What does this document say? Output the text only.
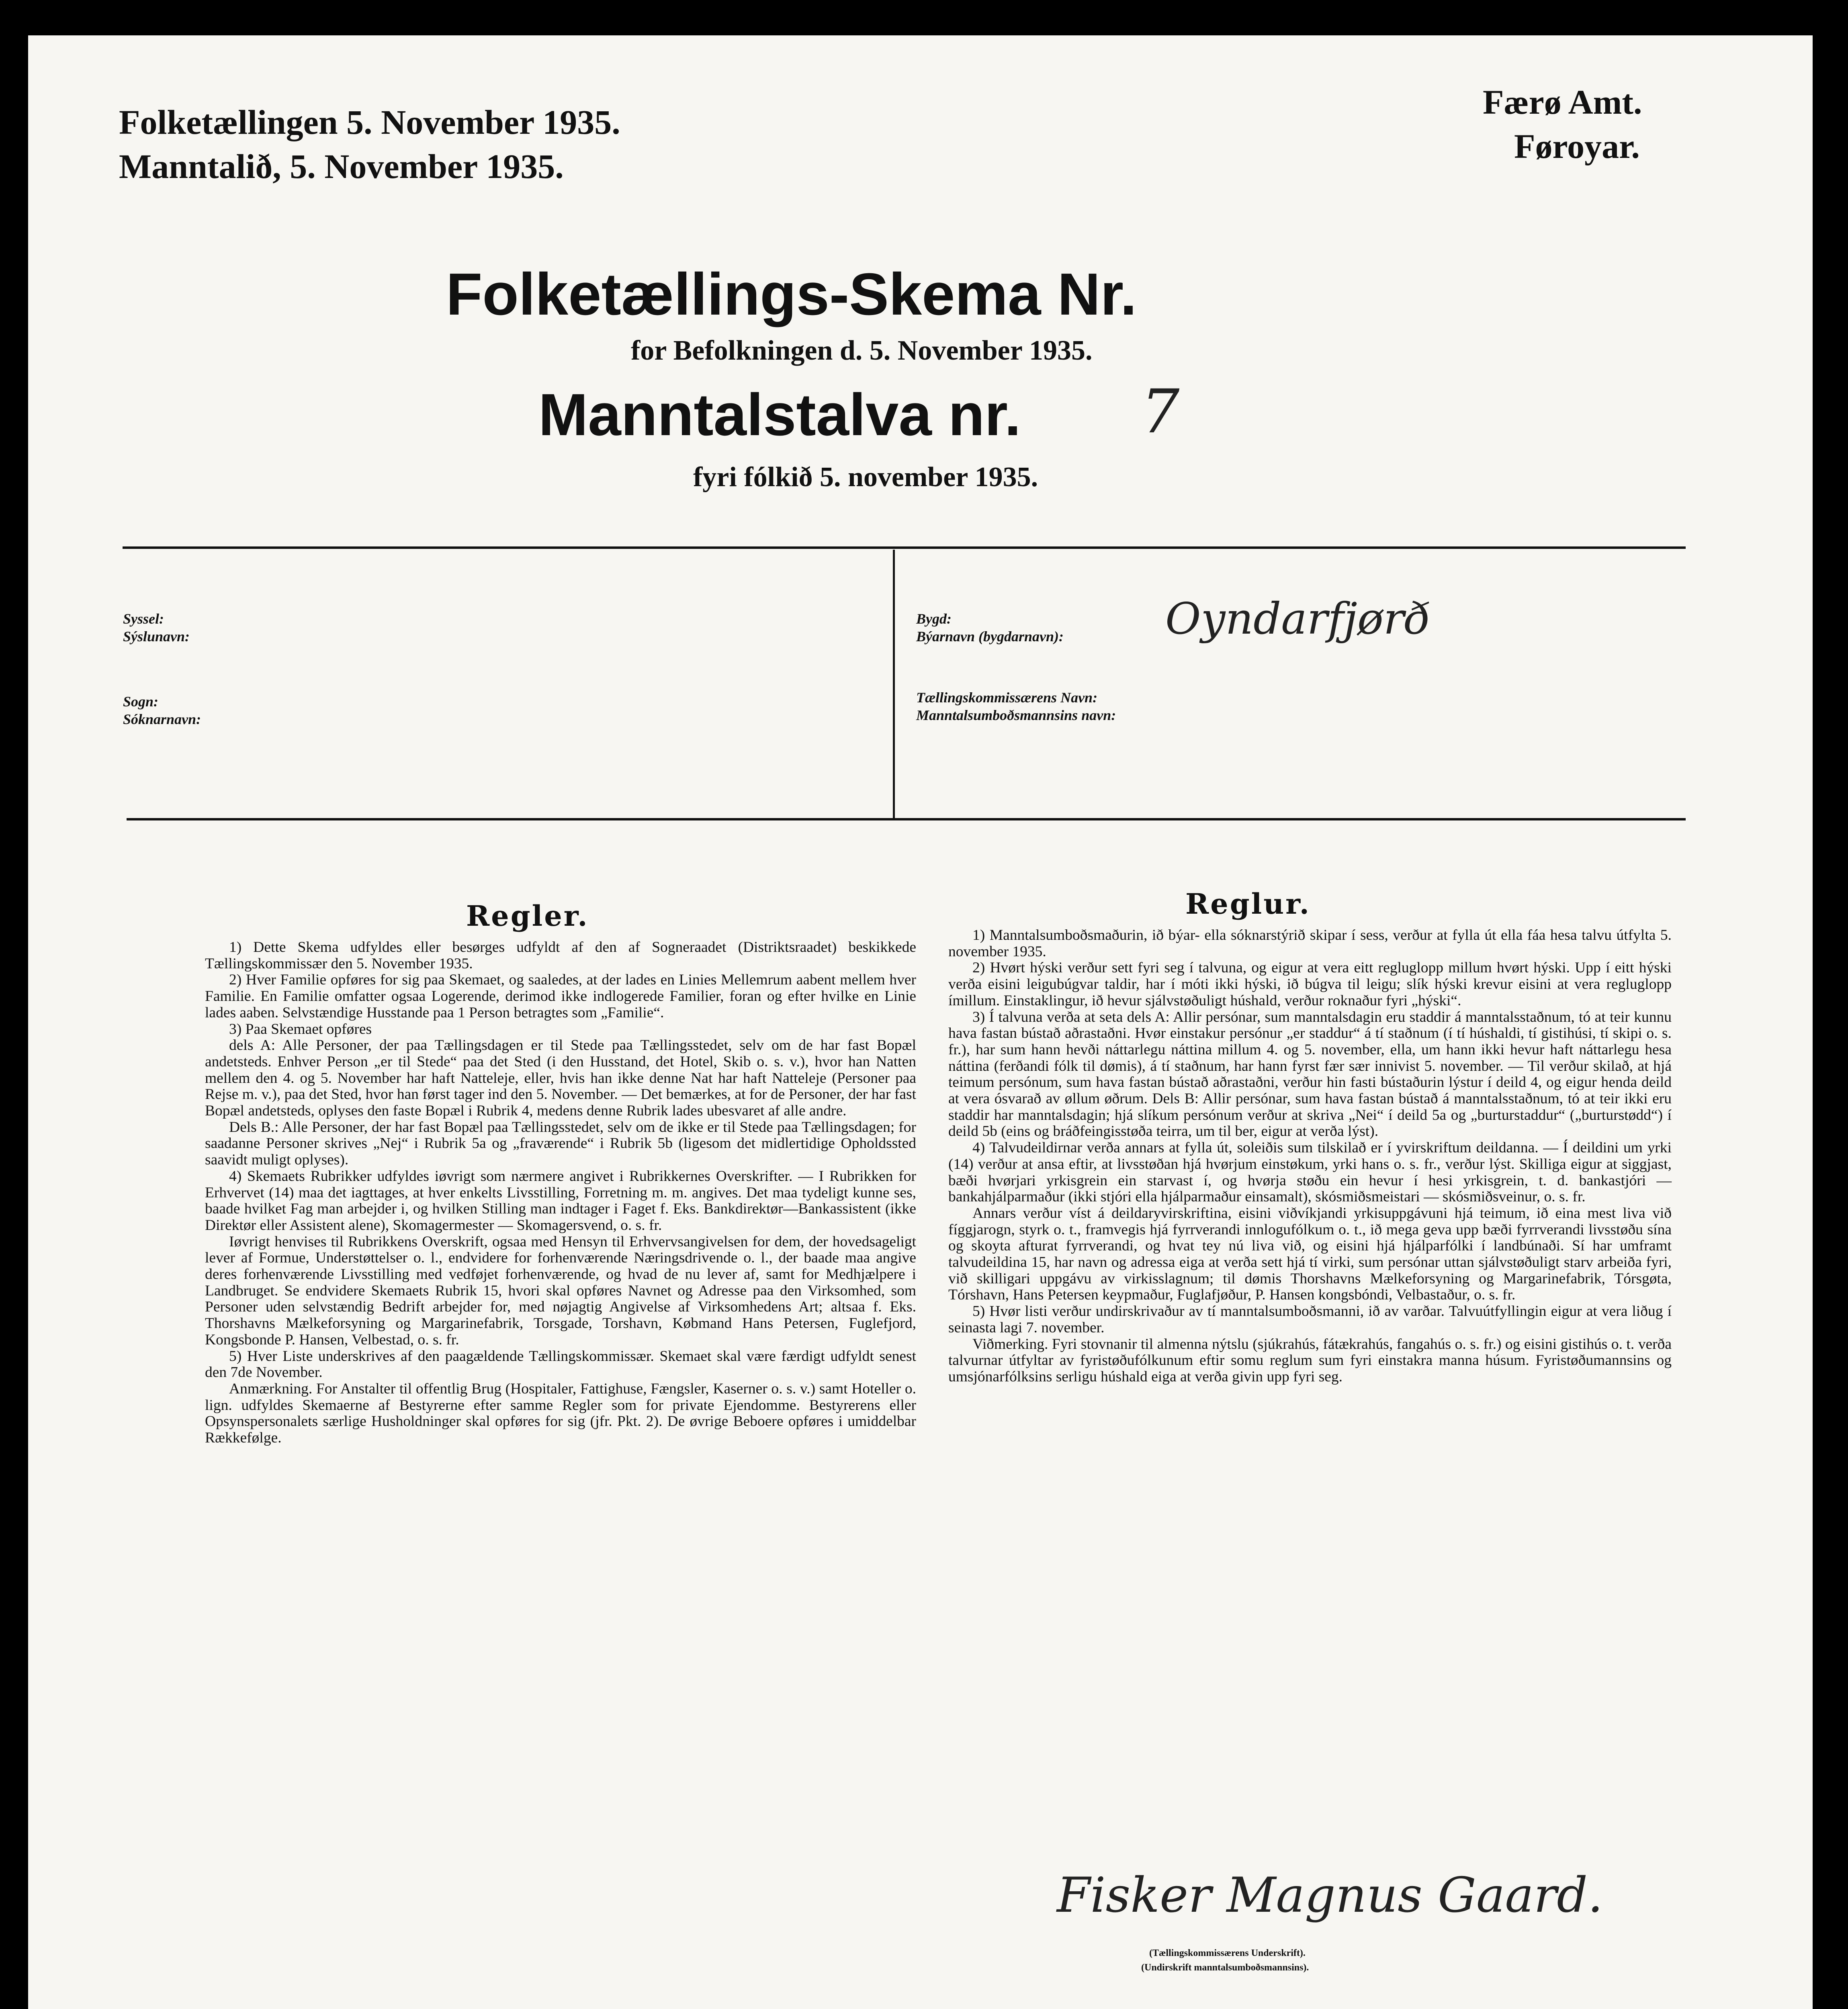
Folketællingen 5. November 1935.
Manntalið, 5. November 1935.
Færø Amt.
Føroyar.
Folketællings-Skema Nr.
for Befolkningen d. 5. November 1935.
Manntalstalva nr. 7
fyri fólkið 5. november 1935.
Syssel:
Sýslunavn:
Sogn:
Sóknarnavn:
Bygd:
Býarnavn (bygdarnavn): Oyndarfjørð
Tællingskommissærens Navn:
Manntalsumboðsmannsins navn:
Regler.	Reglur.

1) Dette Skema udfyldes eller besørges udfyldt af den af Sogneraadet (Distriktsraadet) beskikkede Tællingskommissær den 5. November 1935.

2) Hver Familie opføres for sig paa Skemaet, og saaledes, at der lades en Linies Mellemrum aabent mellem hver Familie. En Familie omfatter ogsaa Logerende, derimod ikke indlogerede Familier, foran og efter hvilke en Linie lades aaben. Selvstændige Husstande paa 1 Person betragtes som „Familie“.

3) Paa Skemaet opføres

dels A: Alle Personer, der paa Tællingsdagen er til Stede paa Tællingsstedet, selv om de har fast Bopæl andetsteds. Enhver Person „er til Stede“ paa det Sted (i den Husstand, det Hotel, Skib o. s. v.), hvor han Natten mellem den 4. og 5. November har haft Natteleje, eller, hvis han ikke denne Nat har haft Natteleje (Personer paa Rejse m. v.), paa det Sted, hvor han først tager ind den 5. November. — Det bemærkes, at for de Personer, der har fast Bopæl andetsteds, oplyses den faste Bopæl i Rubrik 4, medens denne Rubrik lades ubesvaret af alle andre.

Dels B.: Alle Personer, der har fast Bopæl paa Tællingsstedet, selv om de ikke er til Stede paa Tællingsdagen; for saadanne Personer skrives „Nej“ i Rubrik 5a og „fraværende“ i Rubrik 5b (ligesom det midlertidige Opholdssted saavidt muligt oplyses).

4) Skemaets Rubrikker udfyldes iøvrigt som nærmere angivet i Rubrikkernes Overskrifter. — I Rubrikken for Erhvervet (14) maa det iagttages, at hver enkelts Livsstilling, Forretning m. m. angives. Det maa tydeligt kunne ses, baade hvilket Fag man arbejder i, og hvilken Stilling man indtager i Faget f. Eks. Bankdirektør—Bankassistent (ikke Direktør eller Assistent alene), Skomagermester — Skomagersvend, o. s. fr.

Iøvrigt henvises til Rubrikkens Overskrift, ogsaa med Hensyn til Erhvervsangivelsen for dem, der hovedsageligt lever af Formue, Understøttelser o. l., endvidere for forhenværende Næringsdrivende o. l., der baade maa angive deres forhenværende Livsstilling med vedføjet forhenværende, og hvad de nu lever af, samt for Medhjælpere i Landbruget. Se endvidere Skemaets Rubrik 15, hvori skal opføres Navnet og Adresse paa den Virksomhed, som Personer uden selvstændig Bedrift arbejder for, med nøjagtig Angivelse af Virksomhedens Art; altsaa f. Eks. Thorshavns Mælkeforsyning og Margarinefabrik, Torsgade, Torshavn, Købmand Hans Petersen, Fuglefjord, Kongsbonde P. Hansen, Velbestad, o. s. fr.

5) Hver Liste underskrives af den paagældende Tællingskommissær. Skemaet skal være færdigt udfyldt senest den 7de November.

Anmærkning. For Anstalter til offentlig Brug (Hospitaler, Fattighuse, Fængsler, Kaserner o. s. v.) samt Hoteller o. lign. udfyldes Skemaerne af Bestyrerne efter samme Regler som for private Ejendomme. Bestyrerens eller Opsynspersonalets særlige Husholdninger skal opføres for sig (jfr. Pkt. 2). De øvrige Beboere opføres i umiddelbar Rækkefølge.

1) Manntalsumboðsmaðurin, ið býar- ella sóknarstýrið skipar í sess, verður at fylla út ella fáa hesa talvu útfylta 5. november 1935.

2) Hvørt hýski verður sett fyri seg í talvuna, og eigur at vera eitt regluglopp millum hvørt hýski. Upp í eitt hýski verða eisini leigubúgvar taldir, har í móti ikki hýski, ið búgva til leigu; slík hýski krevur eisini at vera regluglopp ímillum. Einstaklingur, ið hevur sjálvstøðuligt húshald, verður roknaður fyri „hýski“.

3) Í talvuna verða at seta dels A: Allir persónar, sum manntalsdagin eru staddir á manntalsstaðnum, tó at teir kunnu hava fastan bústað aðrastaðni. Hvør einstakur persónur „er staddur“ á tí staðnum (í tí húshaldi, tí gistihúsi, tí skipi o. s. fr.), har sum hann hevði náttarlegu náttina millum 4. og 5. november, ella, um hann ikki hevur haft náttarlegu hesa náttina (ferðandi fólk til dømis), á tí staðnum, har hann fyrst fær sær innivist 5. november. — Til verður skilað, at hjá teimum persónum, sum hava fastan bústað aðrastaðni, verður hin fasti bústaðurin lýstur í deild 4, og eigur henda deild at vera ósvarað av øllum øðrum. Dels B: Allir persónar, sum hava fastan bústað á manntalsstaðnum, tó at teir ikki eru staddir har manntalsdagin; hjá slíkum persónum verður at skriva „Nei“ í deild 5a og „burturstaddur“ („burturstødd“) í deild 5b (eins og bráðfeingisstøða teirra, um til ber, eigur at verða lýst).

4) Talvudeildirnar verða annars at fylla út, soleiðis sum tilskilað er í yvirskriftum deildanna. — Í deildini um yrki (14) verður at ansa eftir, at livsstøðan hjá hvørjum einstøkum, yrki hans o. s. fr., verður lýst. Skilliga eigur at siggjast, bæði hvørjari yrkisgrein ein starvast í, og hvørja støðu ein hevur í hesi yrkisgrein, t. d. bankastjóri — bankahjálparmaður (ikki stjóri ella hjálparmaður einsamalt), skósmiðsmeistari — skósmiðsveinur, o. s. fr.

Annars verður víst á deildaryvirskriftina, eisini viðvíkjandi yrkisuppgávuni hjá teimum, ið eina mest liva við fíggjarogn, styrk o. t., framvegis hjá fyrrverandi innlogufólkum o. t., ið mega geva upp bæði fyrrverandi livsstøðu sína og skoyta afturat fyrrverandi, og hvat tey nú liva við, og eisini hjá hjálparfólki í landbúnaði. Sí har umframt talvudeildina 15, har navn og adressa eiga at verða sett hjá tí virki, sum persónar uttan sjálvstøðuligt starv arbeiða fyri, við skilligari uppgávu av virkisslagnum; til dømis Thorshavns Mælkeforsyning og Margarinefabrik, Tórsgøta, Tórshavn, Hans Petersen keypmaður, Fuglafjøður, P. Hansen kongsbóndi, Velbastaður, o. s. fr.

5) Hvør listi verður undirskrivaður av tí manntalsumboðsmanni, ið av varðar. Talvuútfyllingin eigur at vera liðug í seinasta lagi 7. november.

Viðmerking. Fyri stovnanir til almenna nýtslu (sjúkrahús, fátækrahús, fangahús o. s. fr.) og eisini gistihús o. t. verða talvurnar útfyltar av fyristøðufólkunum eftir somu reglum sum fyri einstakra manna húsum. Fyristøðumannsins og umsjónarfólksins serligu húshald eiga at verða givin upp fyri seg.

Fisker Magnus Gaard.
(Tællingskommissærens Underskrift).
(Undirskrift manntalsumboðsmannsins).
